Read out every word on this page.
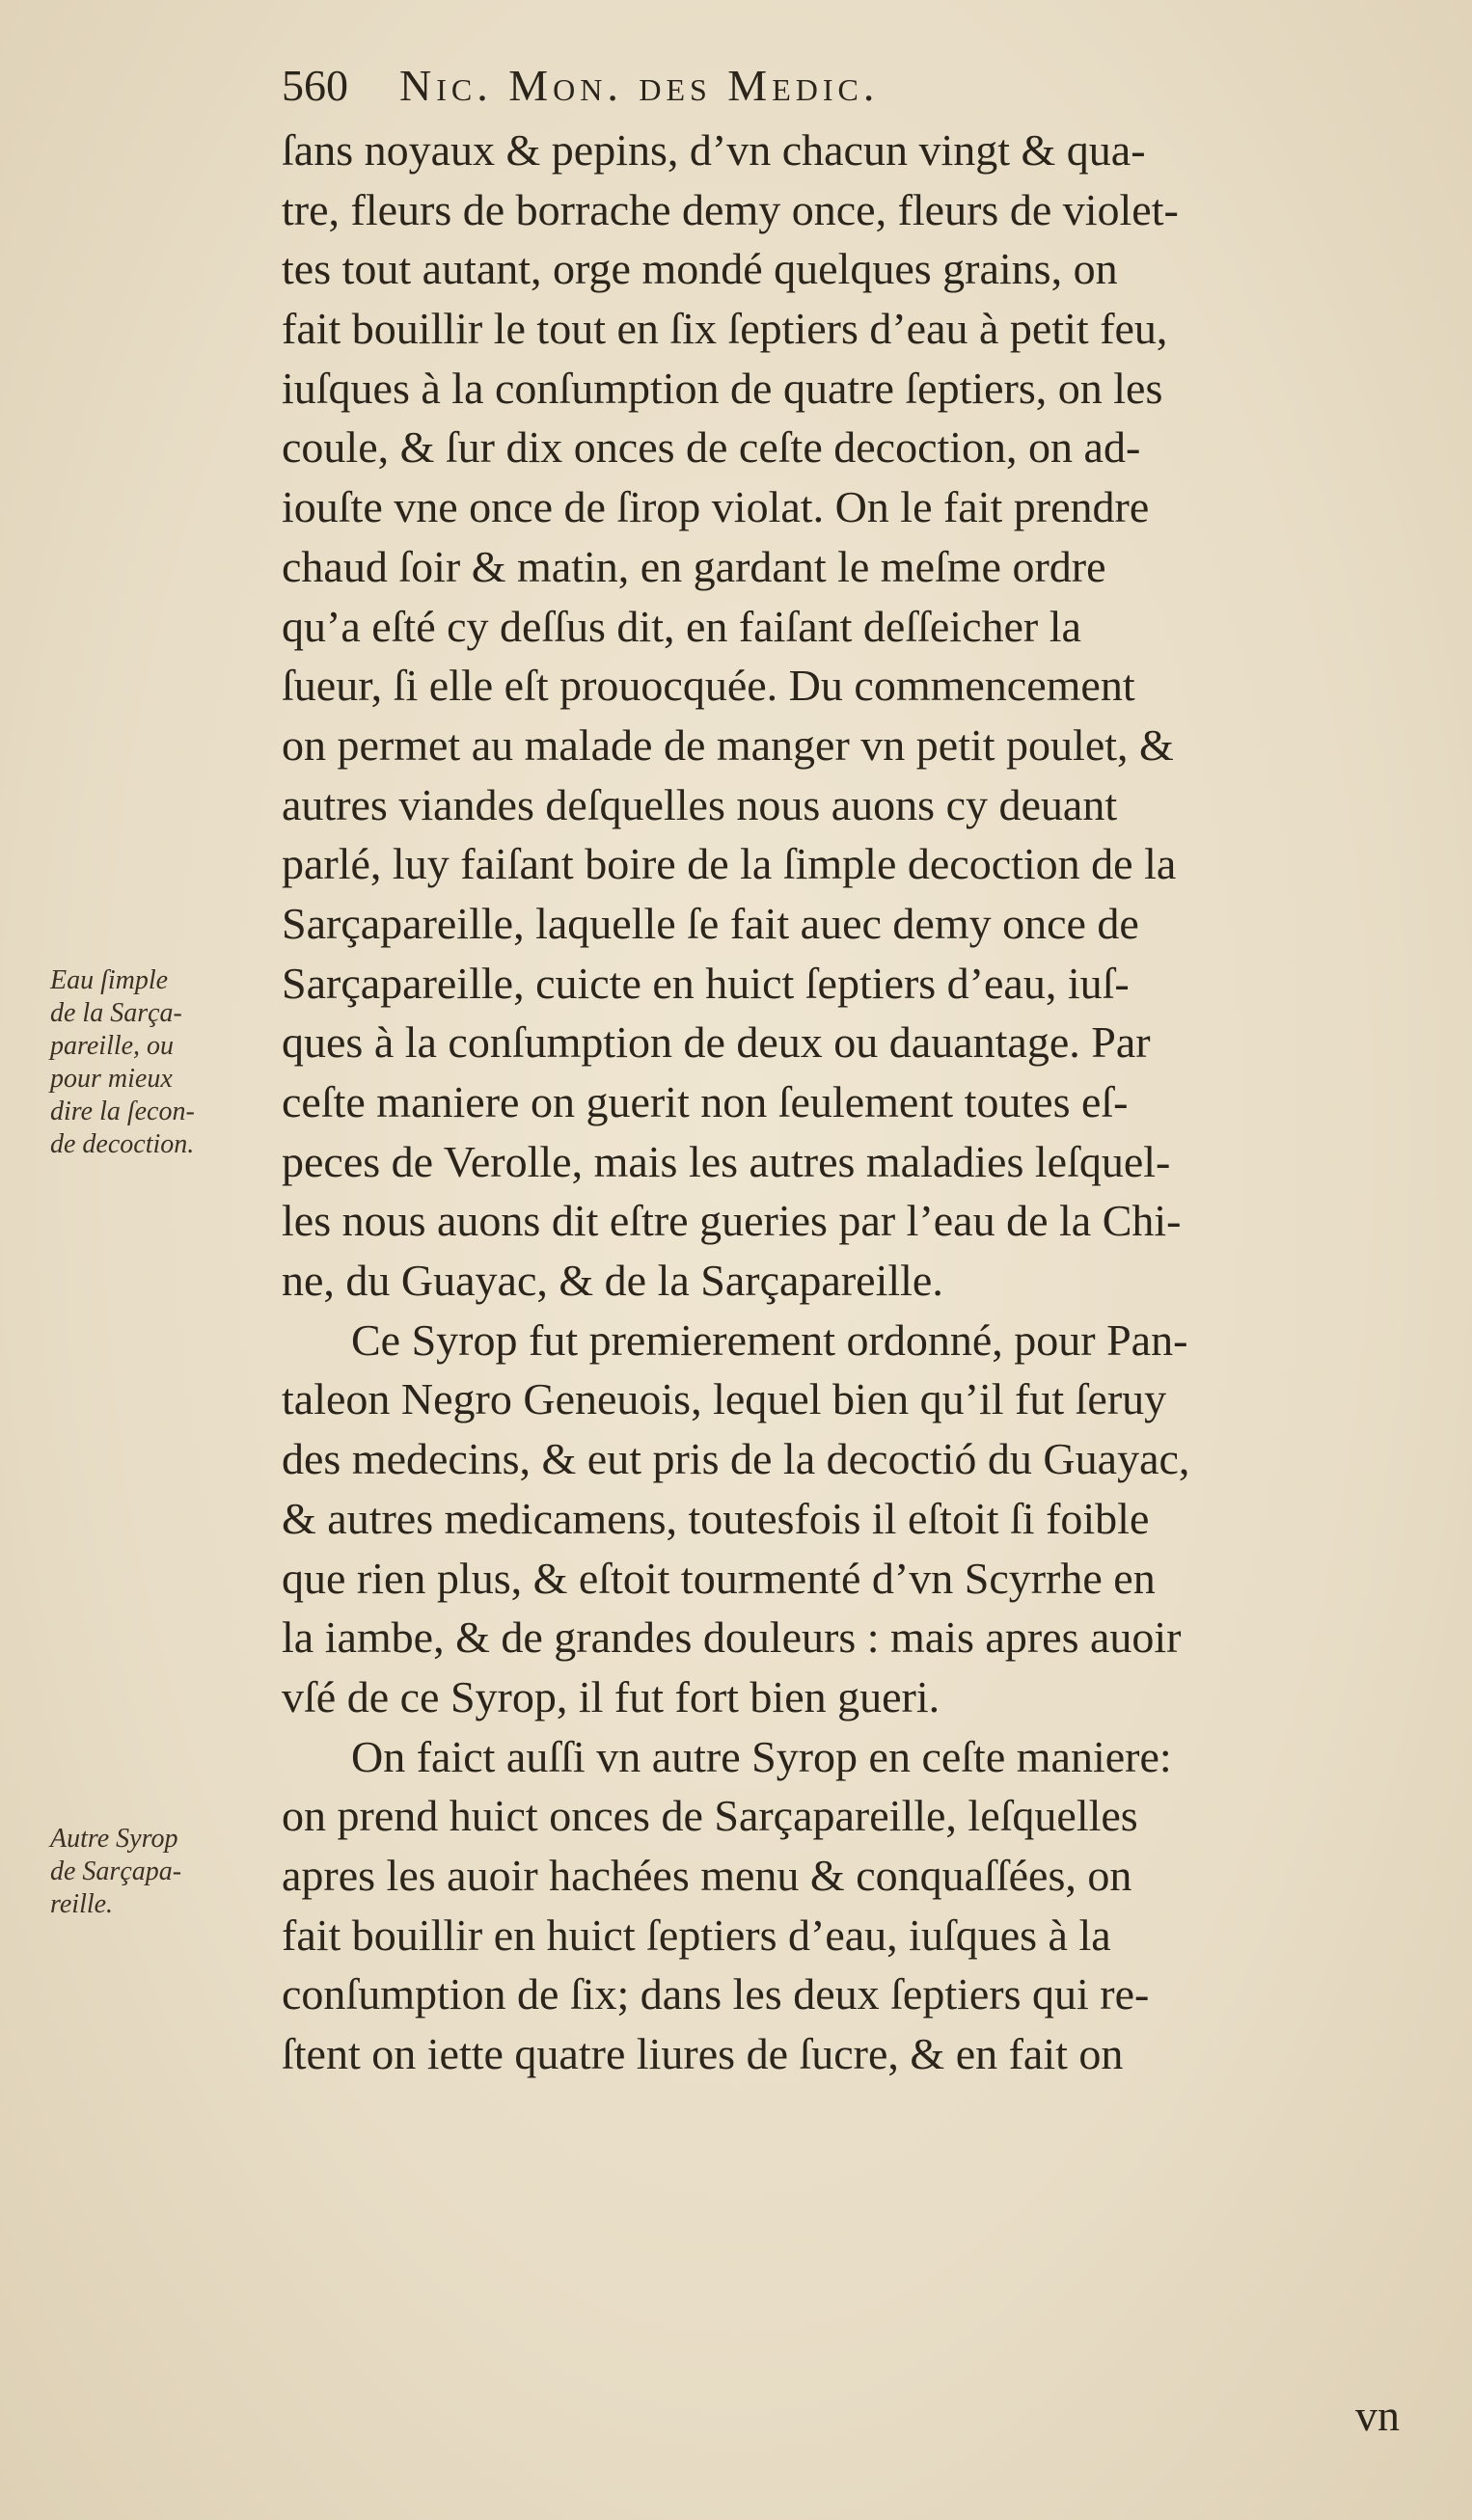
560 Nic. Mon. des Medic.
ſans noyaux & pepins, d’vn chacun vingt & qua-
tre, fleurs de borrache demy once, fleurs de violet-
tes tout autant, orge mondé quelques grains, on
fait bouillir le tout en ſix ſeptiers d’eau à petit feu,
iuſques à la conſumption de quatre ſeptiers, on les
coule, & ſur dix onces de ceſte decoction, on ad-
iouſte vne once de ſirop violat. On le fait prendre
chaud ſoir & matin, en gardant le meſme ordre
qu’a eſté cy deſſus dit, en faiſant deſſeicher la
ſueur, ſi elle eſt prouocquée. Du commencement
on permet au malade de manger vn petit poulet, &
autres viandes deſquelles nous auons cy deuant
parlé, luy faiſant boire de la ſimple decoction de la
Sarçapareille, laquelle ſe fait auec demy once de
Sarçapareille, cuicte en huict ſeptiers d’eau, iuſ-
ques à la conſumption de deux ou dauantage. Par
ceſte maniere on guerit non ſeulement toutes eſ-
peces de Verolle, mais les autres maladies leſquel-
les nous auons dit eſtre gueries par l’eau de la Chi-
ne, du Guayac, & de la Sarçapareille.
Ce Syrop fut premierement ordonné, pour Pan-
taleon Negro Geneuois, lequel bien qu’il fut ſeruy
des medecins, & eut pris de la decoctió du Guayac,
& autres medicamens, toutesfois il eſtoit ſi foible
que rien plus, & eſtoit tourmenté d’vn Scyrrhe en
la iambe, & de grandes douleurs : mais apres auoir
vſé de ce Syrop, il fut fort bien gueri.
On faict auſſi vn autre Syrop en ceſte maniere:
on prend huict onces de Sarçapareille, leſquelles
apres les auoir hachées menu & conquaſſées, on
fait bouillir en huict ſeptiers d’eau, iuſques à la
conſumption de ſix; dans les deux ſeptiers qui re-
ſtent on iette quatre liures de ſucre, & en fait on
vn
Eau ſimple
de la Sarça-
pareille, ou
pour mieux
dire la ſecon-
de decoction.
Autre Syrop
de Sarçapa-
reille.
